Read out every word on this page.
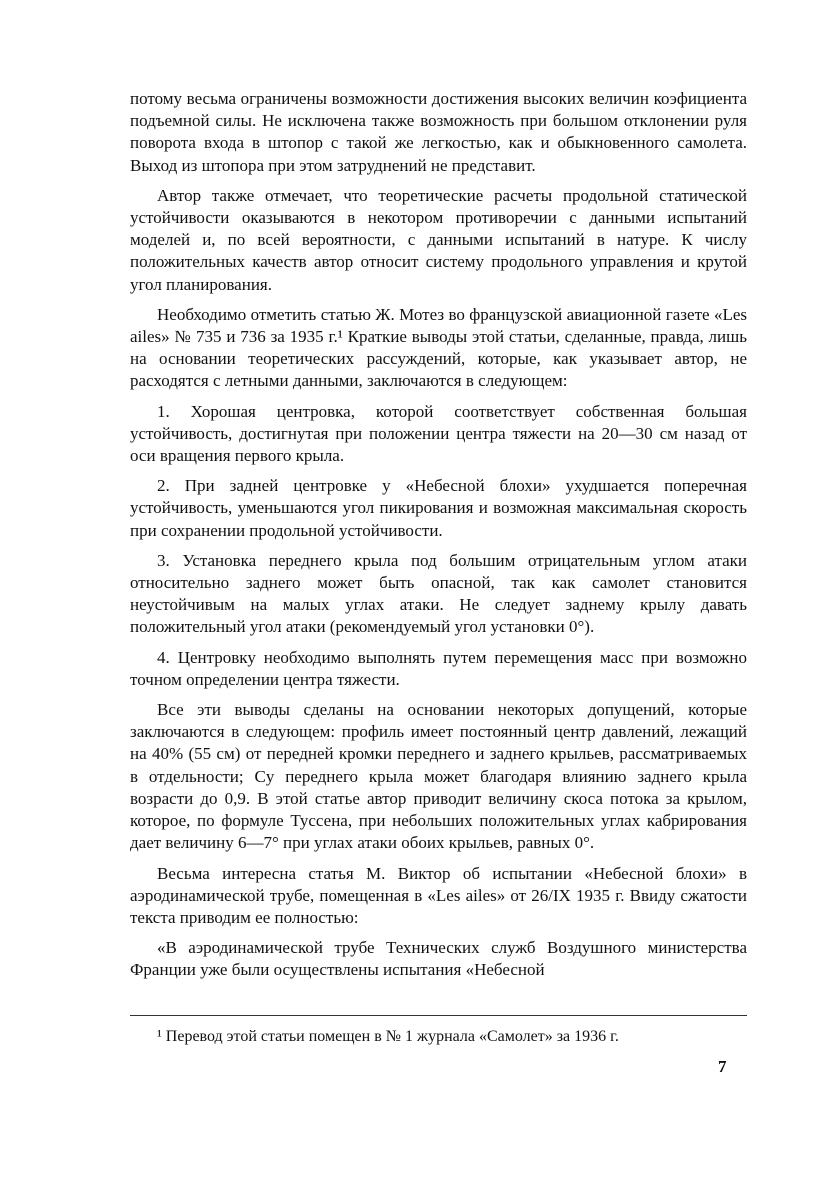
потому весьма ограничены возможности достижения высоких величин коэфициента подъемной силы. Не исключена также возможность при большом отклонении руля поворота входа в штопор с такой же легкостью, как и обыкновенного самолета. Выход из штопора при этом затруднений не представит.

Автор также отмечает, что теоретические расчеты продольной статической устойчивости оказываются в некотором противоречии с данными испытаний моделей и, по всей вероятности, с данными испытаний в натуре. К числу положительных качеств автор относит систему продольного управления и крутой угол планирования.

Необходимо отметить статью Ж. Мотез во французской авиационной газете «Les ailes» № 735 и 736 за 1935 г.¹ Краткие выводы этой статьи, сделанные, правда, лишь на основании теоретических рассуждений, которые, как указывает автор, не расходятся с летными данными, заключаются в следующем:

1. Хорошая центровка, которой соответствует собственная большая устойчивость, достигнутая при положении центра тяжести на 20—30 см назад от оси вращения первого крыла.

2. При задней центровке у «Небесной блохи» ухудшается поперечная устойчивость, уменьшаются угол пикирования и возможная максимальная скорость при сохранении продольной устойчивости.

3. Установка переднего крыла под большим отрицательным углом атаки относительно заднего может быть опасной, так как самолет становится неустойчивым на малых углах атаки. Не следует заднему крылу давать положительный угол атаки (рекомендуемый угол установки 0°).

4. Центровку необходимо выполнять путем перемещения масс при возможно точном определении центра тяжести.

Все эти выводы сделаны на основании некоторых допущений, которые заключаются в следующем: профиль имеет постоянный центр давлений, лежащий на 40% (55 см) от передней кромки переднего и заднего крыльев, рассматриваемых в отдельности; Cy переднего крыла может благодаря влиянию заднего крыла возрасти до 0,9. В этой статье автор приводит величину скоса потока за крылом, которое, по формуле Туссена, при небольших положительных углах кабрирования дает величину 6—7° при углах атаки обоих крыльев, равных 0°.

Весьма интересна статья М. Виктор об испытании «Небесной блохи» в аэродинамической трубе, помещенная в «Les ailes» от 26/IX 1935 г. Ввиду сжатости текста приводим ее полностью:

«В аэродинамической трубе Технических служб Воздушного министерства Франции уже были осуществлены испытания «Небесной

¹ Перевод этой статьи помещен в № 1 журнала «Самолет» за 1936 г.
7
